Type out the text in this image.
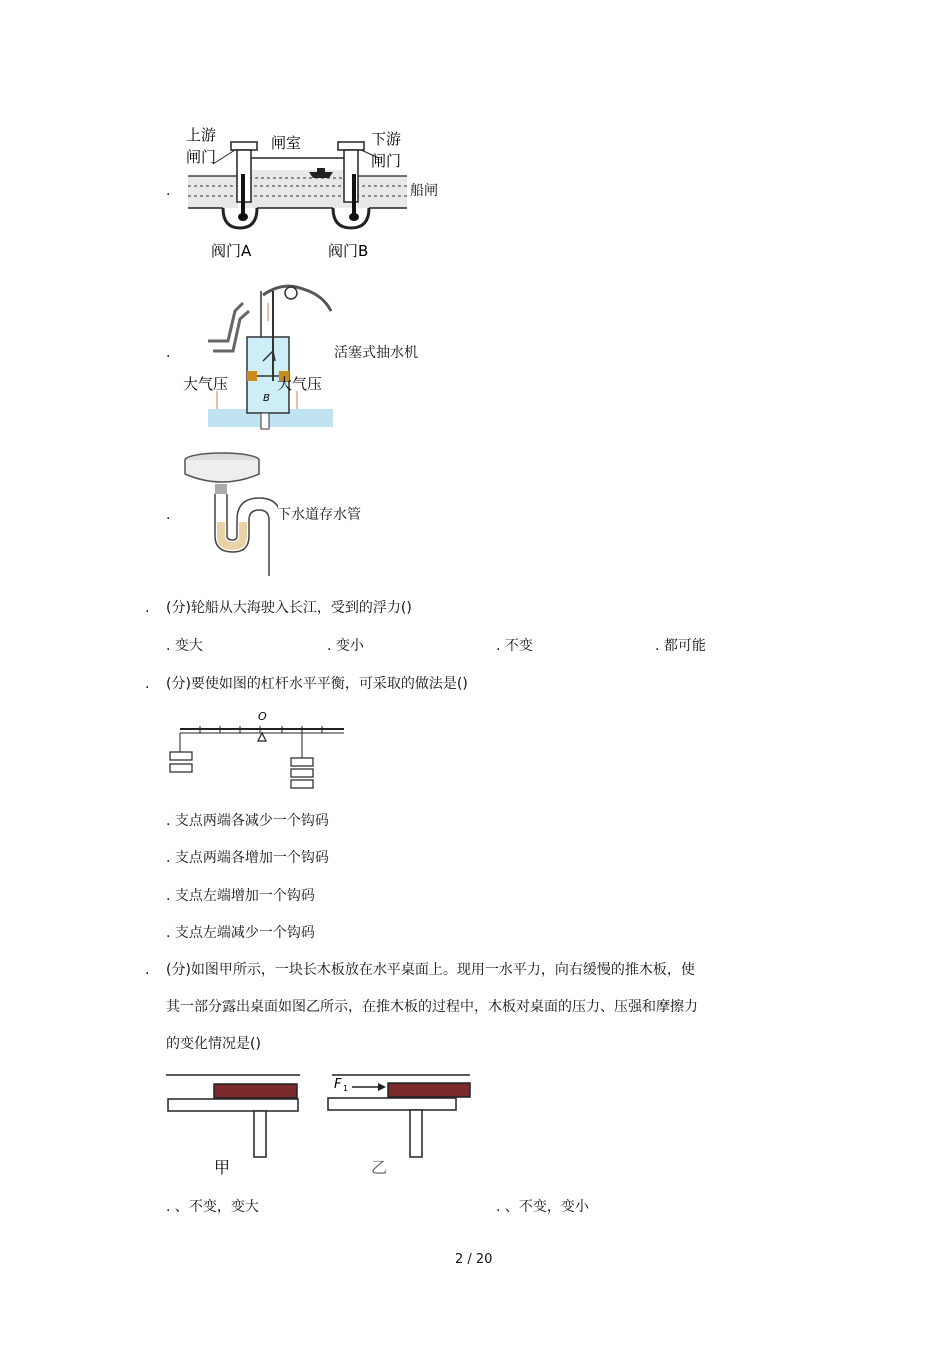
.
上游
闸门
闸室	下游
闸门
阀门A	阀门B
船闸
.
B
大气压	大气压
活塞式抽水机
.	下水道存水管
. (分)轮船从大海驶入长江，受到的浮力()
. 变大	. 变小	. 不变	. 都可能
. (分)要使如图的杠杆水平平衡，可采取的做法是()
O
. 支点两端各减少一个钩码
. 支点两端各增加一个钩码
. 支点左端增加一个钩码
. 支点左端减少一个钩码
. (分)如图甲所示，一块长木板放在水平桌面上。现用一水平力，向右缓慢的推木板，使
其一部分露出桌面如图乙所示，在推木板的过程中，木板对桌面的压力、压强和摩擦力
的变化情况是()
甲	乙
F 1
. 、不变，变大	. 、不变，变小
2 / 20
